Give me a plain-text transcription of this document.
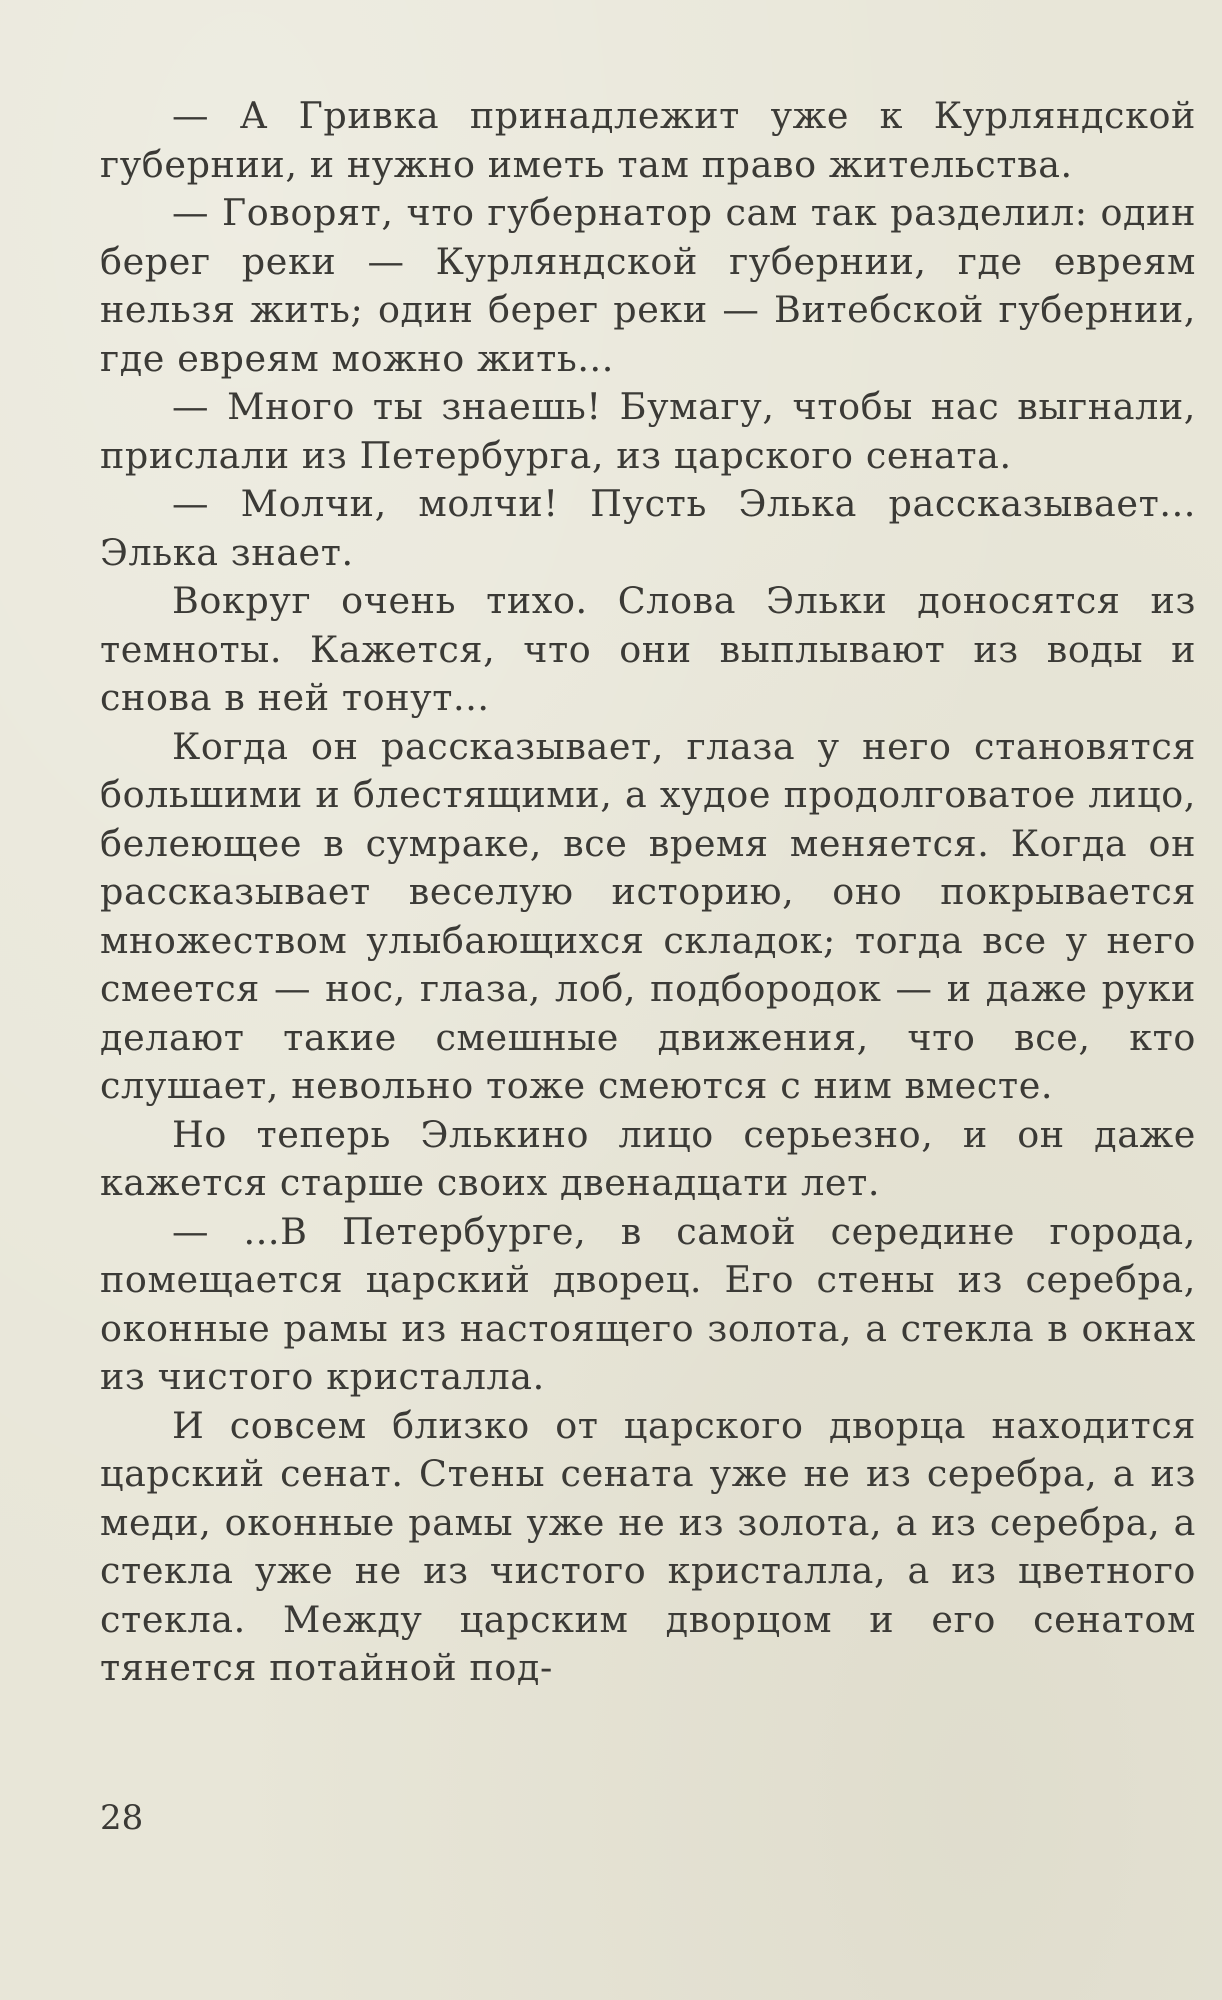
— А Гривка принадлежит уже к Курляндской губернии, и нужно иметь там право жительства.

— Говорят, что губернатор сам так разделил: один берег реки — Курляндской губернии, где евреям нельзя жить; один берег реки — Витебской губернии, где евреям можно жить...

— Много ты знаешь! Бумагу, чтобы нас выгнали, прислали из Петербурга, из царского сената.

— Молчи, молчи! Пусть Элька рассказывает... Элька знает.

Вокруг очень тихо. Слова Эльки доносятся из темноты. Кажется, что они выплывают из воды и снова в ней тонут...

Когда он рассказывает, глаза у него становятся большими и блестящими, а худое продолговатое лицо, белеющее в сумраке, все время меняется. Когда он рассказывает веселую историю, оно покрывается множеством улыбающихся складок; тогда все у него смеется — нос, глаза, лоб, подбородок — и даже руки делают такие смешные движения, что все, кто слушает, невольно тоже смеются с ним вместе.

Но теперь Элькино лицо серьезно, и он даже кажется старше своих двенадцати лет.

— ...В Петербурге, в самой середине города, помещается царский дворец. Его стены из серебра, оконные рамы из настоящего золота, а стекла в окнах из чистого кристалла.

И совсем близко от царского дворца находится царский сенат. Стены сената уже не из серебра, а из меди, оконные рамы уже не из золота, а из серебра, а стекла уже не из чистого кристалла, а из цветного стекла. Между царским дворцом и его сенатом тянется потайной под-

28
